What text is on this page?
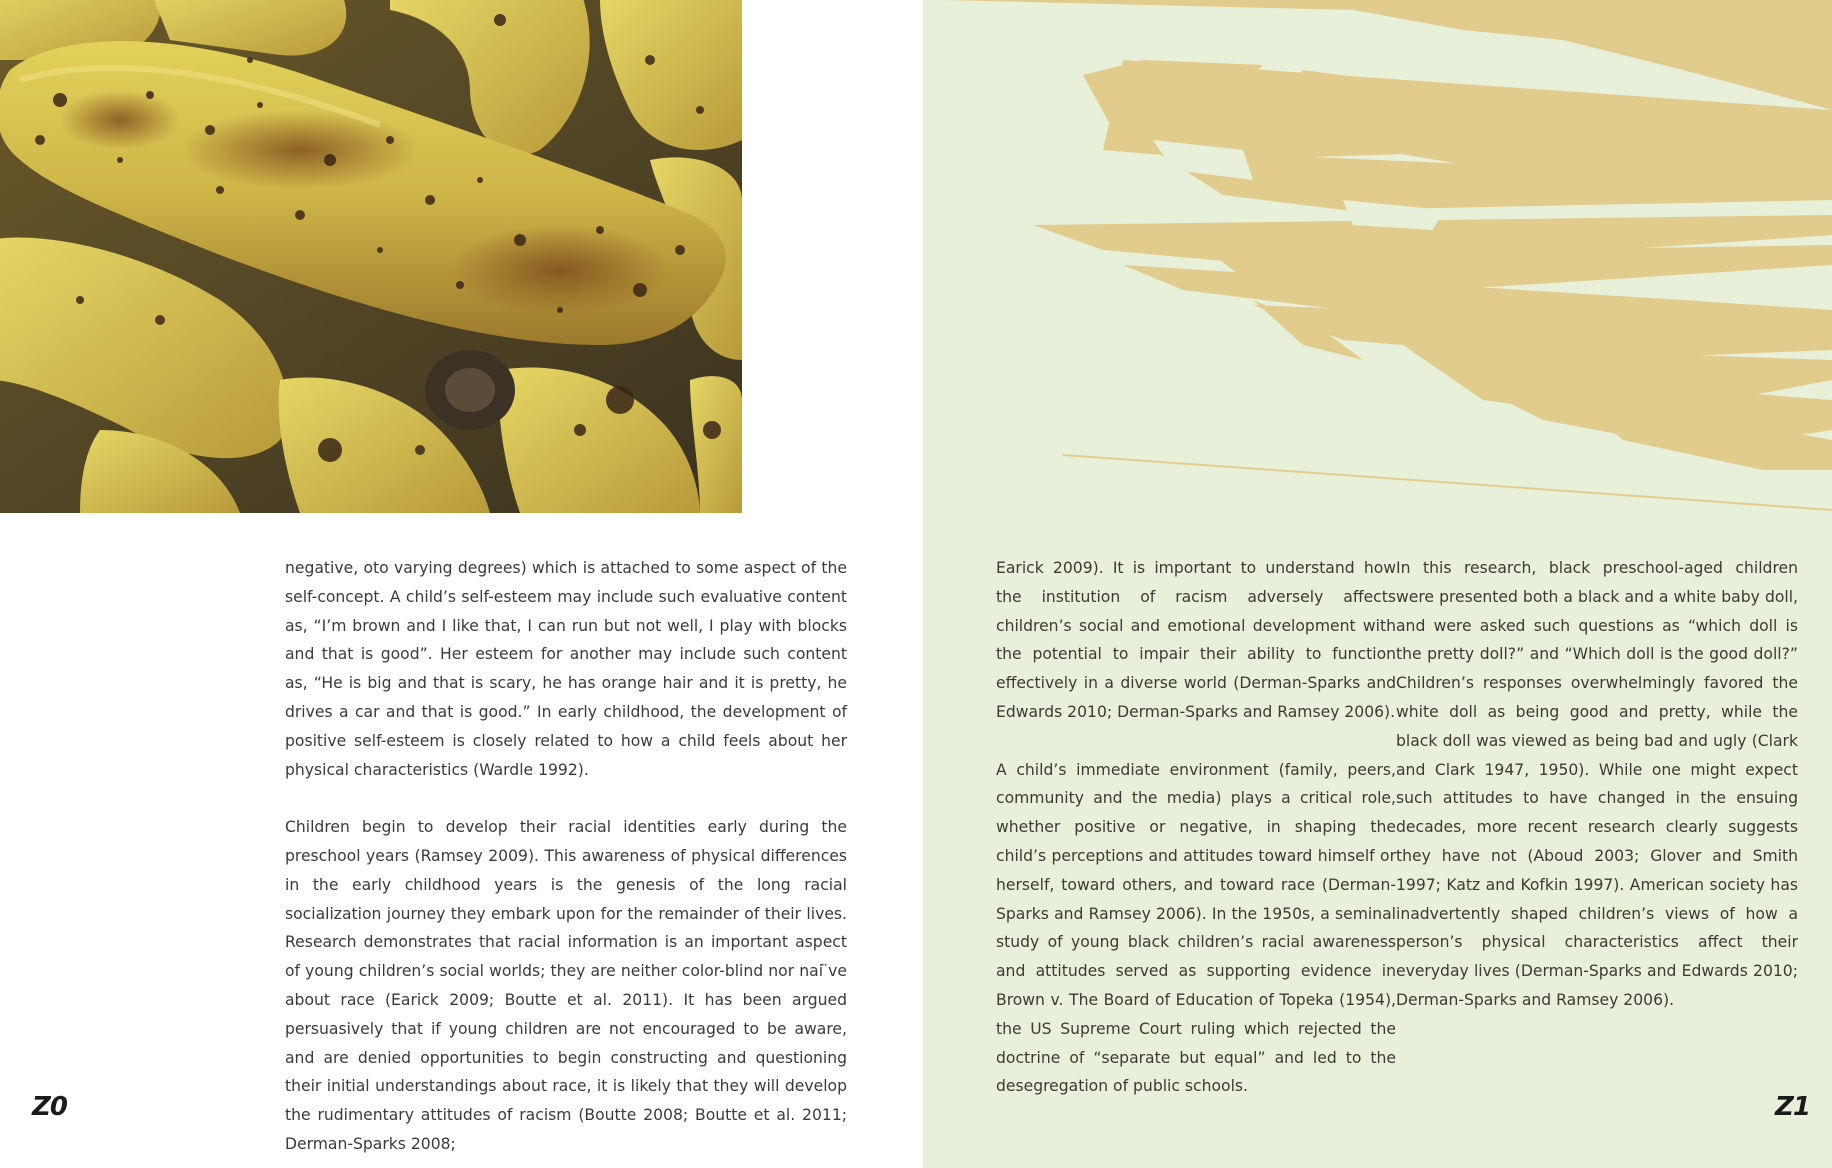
negative, oto varying degrees) which is attached to some aspect of the self-concept. A child’s self-esteem may include such evaluative content as, “I’m brown and I like that, I can run but not well, I play with blocks and that is good”. Her esteem for another may include such content as, “He is big and that is scary, he has orange hair and it is pretty, he drives a car and that is good.” In early childhood, the development of positive self-esteem is closely related to how a child feels about her physical characteristics (Wardle 1992).

Children begin to develop their racial identities early during the preschool years (Ramsey 2009). This awareness of physical differences in the early childhood years is the genesis of the long racial socialization journey they embark upon for the remainder of their lives. Research demonstrates that racial information is an important aspect of young children’s social worlds; they are neither color-blind nor nai ̈ve about race (Earick 2009; Boutte et al. 2011). It has been argued persuasively that if young children are not encouraged to be aware, and are denied opportunities to begin constructing and questioning their initial understandings about race, it is likely that they will develop the rudimentary attitudes of racism (Boutte 2008; Boutte et al. 2011; Derman-Sparks 2008;

Z0

Earick 2009). It is important to understand how the institution of racism adversely affects children’s social and emotional development with the potential to impair their ability to function effectively in a diverse world (Derman-Sparks and Edwards 2010; Derman-Sparks and Ramsey 2006).

A child’s immediate environment (family, peers, community and the media) plays a critical role, whether positive or negative, in shaping the child’s perceptions and attitudes toward himself or herself, toward others, and toward race (Derman-Sparks and Ramsey 2006). In the 1950s, a seminal study of young black children’s racial awareness and attitudes served as supporting evidence in Brown v. The Board of Education of Topeka (1954), the US Supreme Court ruling which rejected the doctrine of “separate but equal” and led to the desegregation of public schools.

In this research, black preschool-aged children were presented both a black and a white baby doll, and were asked such questions as “which doll is the pretty doll?” and “Which doll is the good doll?” Children’s responses overwhelmingly favored the white doll as being good and pretty, while the black doll was viewed as being bad and ugly (Clark and Clark 1947, 1950). While one might expect such attitudes to have changed in the ensuing decades, more recent research clearly suggests they have not (Aboud 2003; Glover and Smith 1997; Katz and Kofkin 1997). American society has inadvertently shaped children’s views of how a person’s physical characteristics affect their everyday lives (Derman-Sparks and Edwards 2010; Derman-Sparks and Ramsey 2006).

Z1
